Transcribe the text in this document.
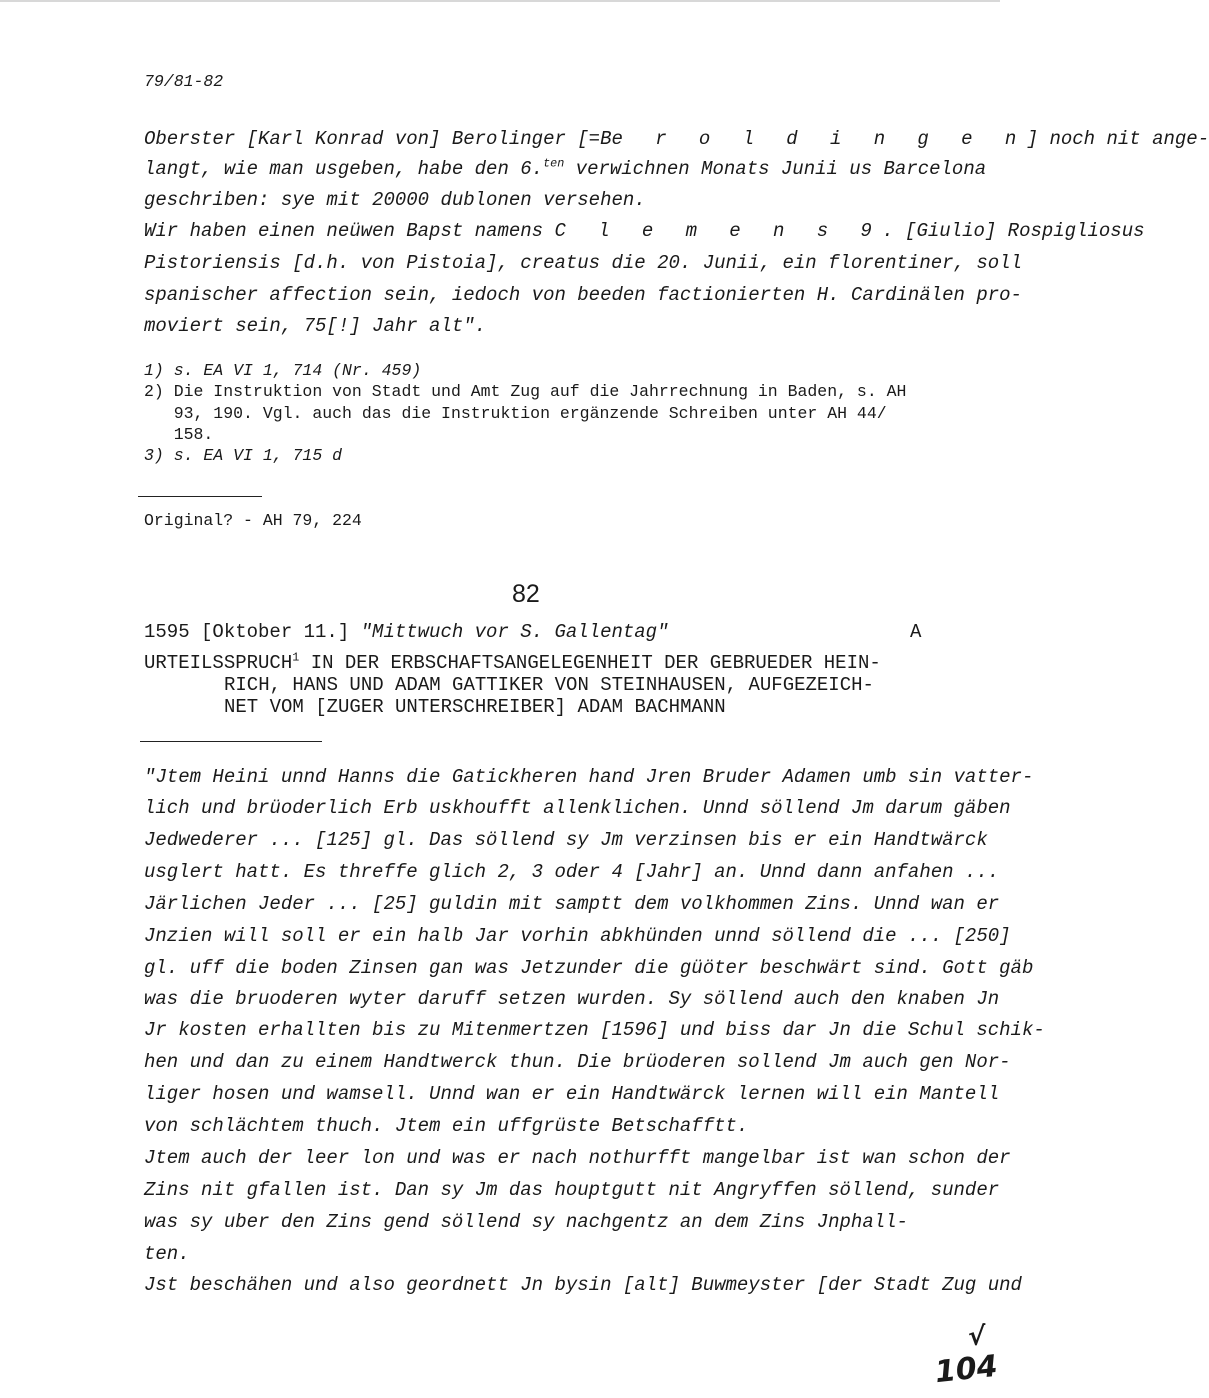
79/81-82
Oberster [Karl Konrad von] Berolinger [=Be r o l d i n g e n] noch nit ange-
langt, wie man usgeben, habe den 6.$^{ten}$ verwichnen Monats Junii us Barcelona
geschriben: sye mit 20000 dublonen versehen.
Wir haben einen neüwen Bapst namens C l e m e n s 9. [Giulio] Rospigliosus
Pistoriensis [d.h. von Pistoia], creatus die 20. Junii, ein florentiner, soll
spanischer affection sein, iedoch von beeden factionierten H. Cardinälen pro-
moviert sein, 75[!] Jahr alt".
1) s. EA VI 1, 714 (Nr. 459)
2) Die Instruktion von Stadt und Amt Zug auf die Jahrrechnung in Baden, s. AH
93, 190. Vgl. auch das die Instruktion ergänzende Schreiben unter AH 44/
158.
3) s. EA VI 1, 715 d
Original? - AH 79, 224
82
1595 [Oktober 11.] "Mittwuch vor S. Gallentag"	A
URTEILSSPRUCH$^1$ IN DER ERBSCHAFTSANGELEGENHEIT DER GEBRUEDER HEIN-
RICH, HANS UND ADAM GATTIKER VON STEINHAUSEN, AUFGEZEICH-
NET VOM [ZUGER UNTERSCHREIBER] ADAM BACHMANN
"Jtem Heini unnd Hanns die Gatickheren hand Jren Bruder Adamen umb sin vatter-
lich und brüoderlich Erb uskhoufft allenklichen. Unnd söllend Jm darum gäben
Jedwederer ... [125] gl. Das söllend sy Jm verzinsen bis er ein Handtwärck
usglert hatt. Es threffe glich 2, 3 oder 4 [Jahr] an. Unnd dann anfahen ...
Järlichen Jeder ... [25] guldin mit samptt dem volkhommen Zins. Unnd wan er
Jnzien will soll er ein halb Jar vorhin abkhünden unnd söllend die ... [250]
gl. uff die boden Zinsen gan was Jetzunder die güöter beschwärt sind. Gott gäb
was die bruoderen wyter daruff setzen wurden. Sy söllend auch den knaben Jn
Jr kosten erhallten bis zu Mitenmertzen [1596] und biss dar Jn die Schul schik-
hen und dan zu einem Handtwerck thun. Die brüoderen sollend Jm auch gen Nor-
liger hosen und wamsell. Unnd wan er ein Handtwärck lernen will ein Mantell
von schlächtem thuch. Jtem ein uffgrüste Betschafftt.
Jtem auch der leer lon und was er nach nothurfft mangelbar ist wan schon der
Zins nit gfallen ist. Dan sy Jm das houptgutt nit Angryffen söllend, sunder
was sy uber den Zins gend söllend sy nachgentz an dem Zins Jnphall-
ten.
Jst beschähen und also geordnett Jn bysin [alt] Buwmeyster [der Stadt Zug und
√
104
